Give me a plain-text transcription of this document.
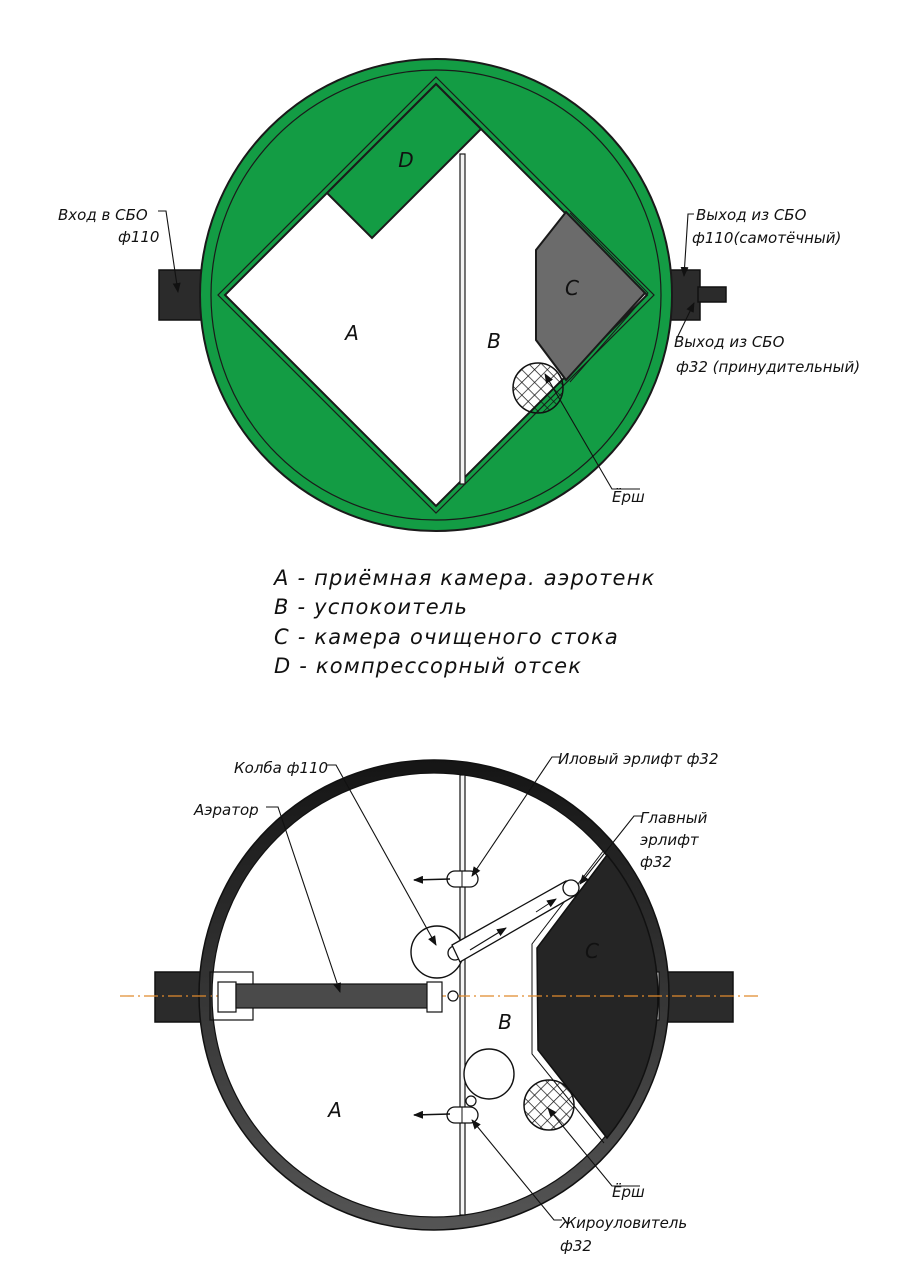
D
A	B
C
Вход в СБО
ф110
Выход из СБО
ф110(самотёчный)
Выход из СБО
ф32 (принудительный)
Ёрш
A - приёмная камера. аэротенк
B - успокоитель
C - камера очищеного стока
D - компрессорный отсек
A
B
C
Колба ф110
Аэратор
Иловый эрлифт ф32
Главный
эрлифт
ф32
Ёрш
Жироуловитель
ф32
